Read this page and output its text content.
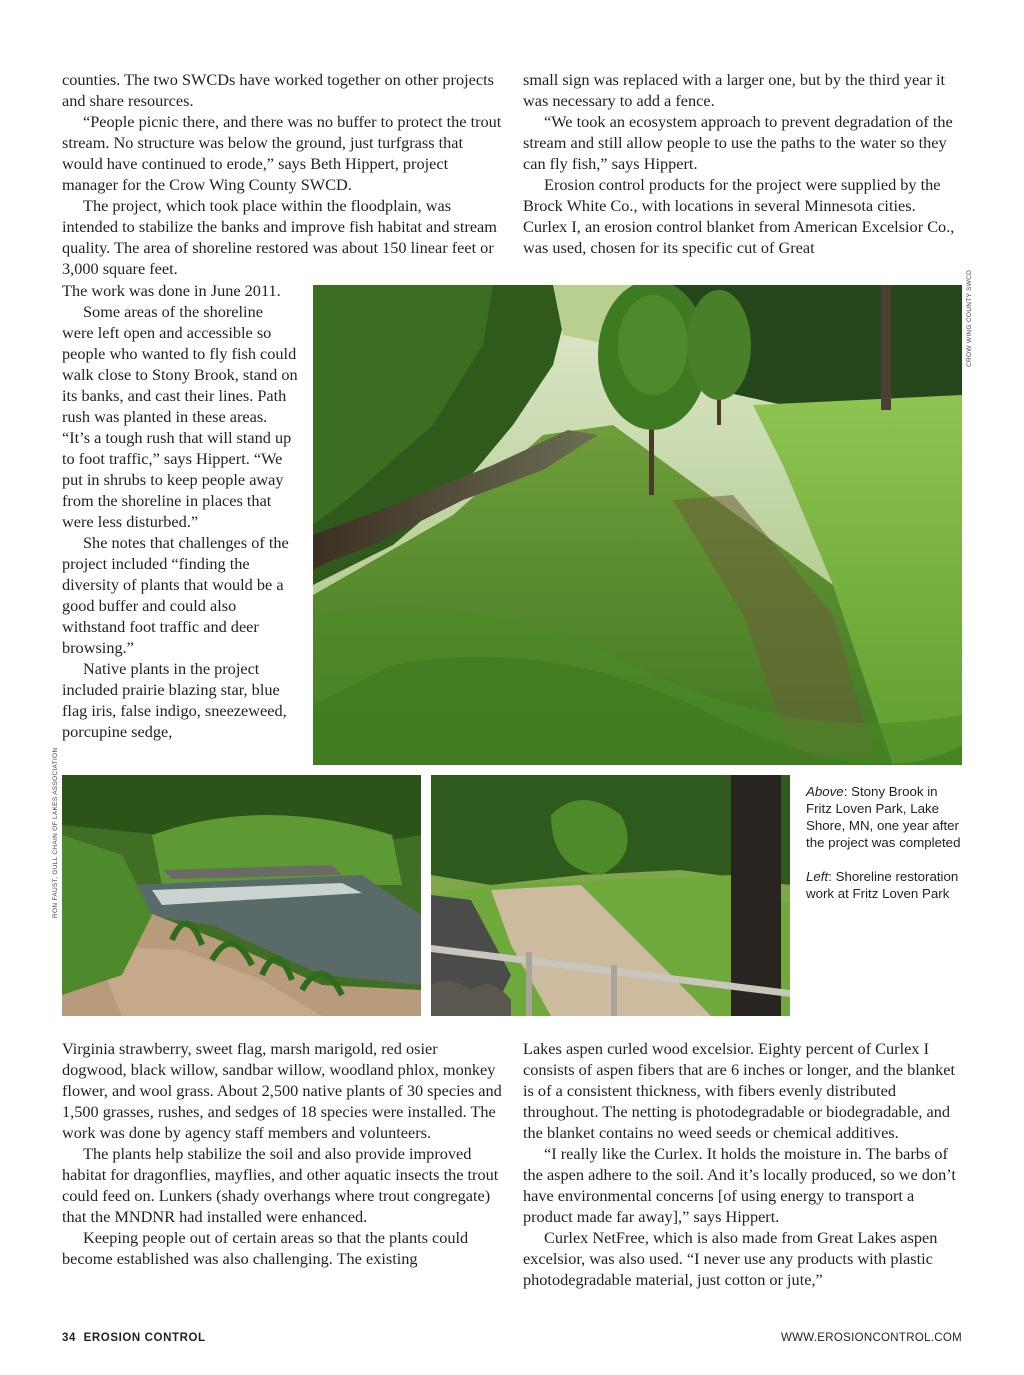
counties. The two SWCDs have worked together on other projects and share resources.

“People picnic there, and there was no buffer to protect the trout stream. No structure was below the ground, just turfgrass that would have continued to erode,” says Beth Hippert, project manager for the Crow Wing County SWCD.

The project, which took place within the floodplain, was intended to stabilize the banks and improve fish habitat and stream quality. The area of shoreline restored was about 150 linear feet or 3,000 square feet.

The work was done in June 2011.

Some areas of the shoreline were left open and accessible so people who wanted to fly fish could walk close to Stony Brook, stand on its banks, and cast their lines. Path rush was planted in these areas. “It’s a tough rush that will stand up to foot traffic,” says Hippert. “We put in shrubs to keep people away from the shoreline in places that were less disturbed.”

She notes that challenges of the project included “finding the diversity of plants that would be a good buffer and could also withstand foot traffic and deer browsing.”

Native plants in the project included prairie blazing star, blue flag iris, false indigo, sneezeweed, porcupine sedge,

small sign was replaced with a larger one, but by the third year it was necessary to add a fence.

“We took an ecosystem approach to prevent degradation of the stream and still allow people to use the paths to the water so they can fly fish,” says Hippert.

Erosion control products for the project were supplied by the Brock White Co., with locations in several Minnesota cities. Curlex I, an erosion control blanket from American Excelsior Co., was used, chosen for its specific cut of Great

CROW WING COUNTY SWCD
RON FAUST, GULL CHAIN OF LAKES ASSOCIATION	Above: Stony Brook in Fritz Loven Park, Lake Shore, MN, one year after the project was completed

Left: Shoreline restoration work at Fritz Loven Park

Virginia strawberry, sweet flag, marsh marigold, red osier dogwood, black willow, sandbar willow, woodland phlox, monkey flower, and wool grass. About 2,500 native plants of 30 species and 1,500 grasses, rushes, and sedges of 18 species were installed. The work was done by agency staff members and volunteers.

The plants help stabilize the soil and also provide improved habitat for dragonflies, mayflies, and other aquatic insects the trout could feed on. Lunkers (shady overhangs where trout congregate) that the MNDNR had installed were enhanced.

Keeping people out of certain areas so that the plants could become established was also challenging. The existing

Lakes aspen curled wood excelsior. Eighty percent of Curlex I consists of aspen fibers that are 6 inches or longer, and the blanket is of a consistent thickness, with fibers evenly distributed throughout. The netting is photodegradable or biodegradable, and the blanket contains no weed seeds or chemical additives.

“I really like the Curlex. It holds the moisture in. The barbs of the aspen adhere to the soil. And it’s locally produced, so we don’t have environmental concerns [of using energy to transport a product made far away],” says Hippert.

Curlex NetFree, which is also made from Great Lakes aspen excelsior, was also used. “I never use any products with plastic photodegradable material, just cotton or jute,”

34 EROSION CONTROL	WWW.EROSIONCONTROL.COM
